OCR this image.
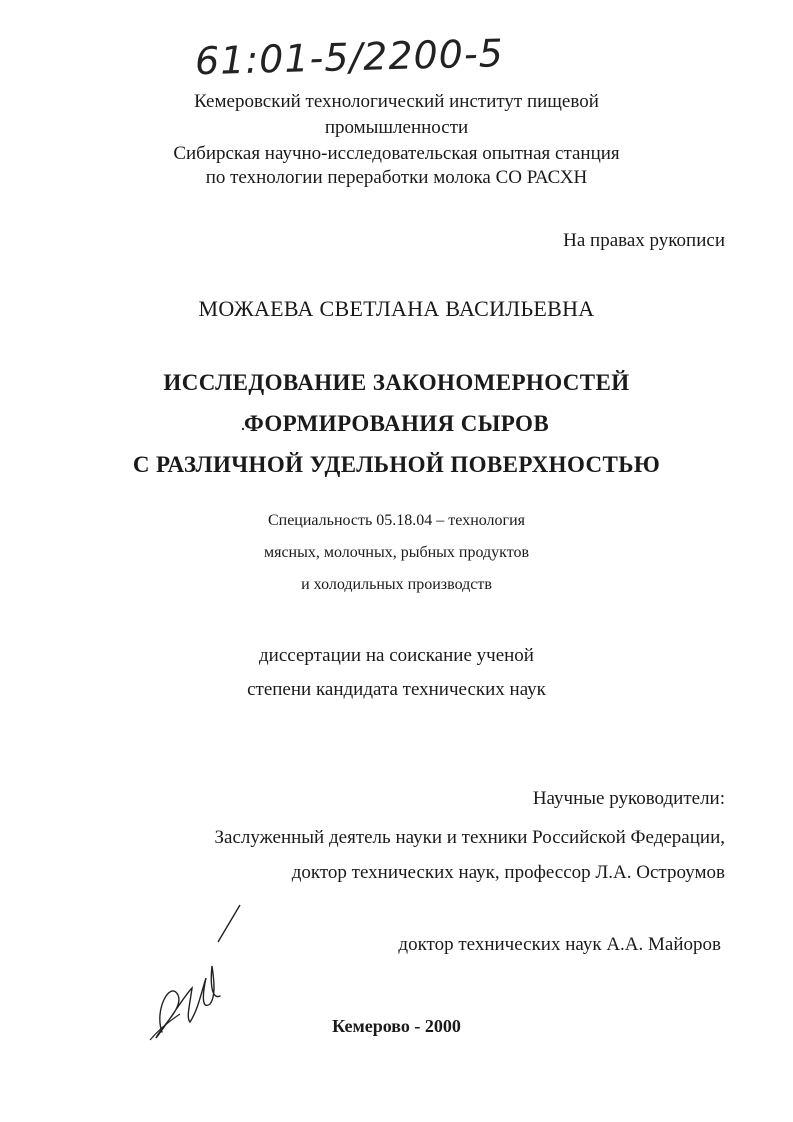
61:01-5/2200-5
Кемеровский технологический институт пищевой
промышленности
Сибирская научно-исследовательская опытная станция
по технологии переработки молока СО РАСХН
На правах рукописи
МОЖАЕВА СВЕТЛАНА ВАСИЛЬЕВНА
ИССЛЕДОВАНИЕ ЗАКОНОМЕРНОСТЕЙ
ФОРМИРОВАНИЯ СЫРОВ
С РАЗЛИЧНОЙ УДЕЛЬНОЙ ПОВЕРХНОСТЬЮ
Специальность 05.18.04 – технология
мясных, молочных, рыбных продуктов
и холодильных производств
диссертации на соискание ученой
степени кандидата технических наук
Научные руководители:
Заслуженный деятель науки и техники Российской Федерации,
доктор технических наук, профессор Л.А. Остроумов
доктор технических наук А.А. Майоров
Кемерово - 2000
